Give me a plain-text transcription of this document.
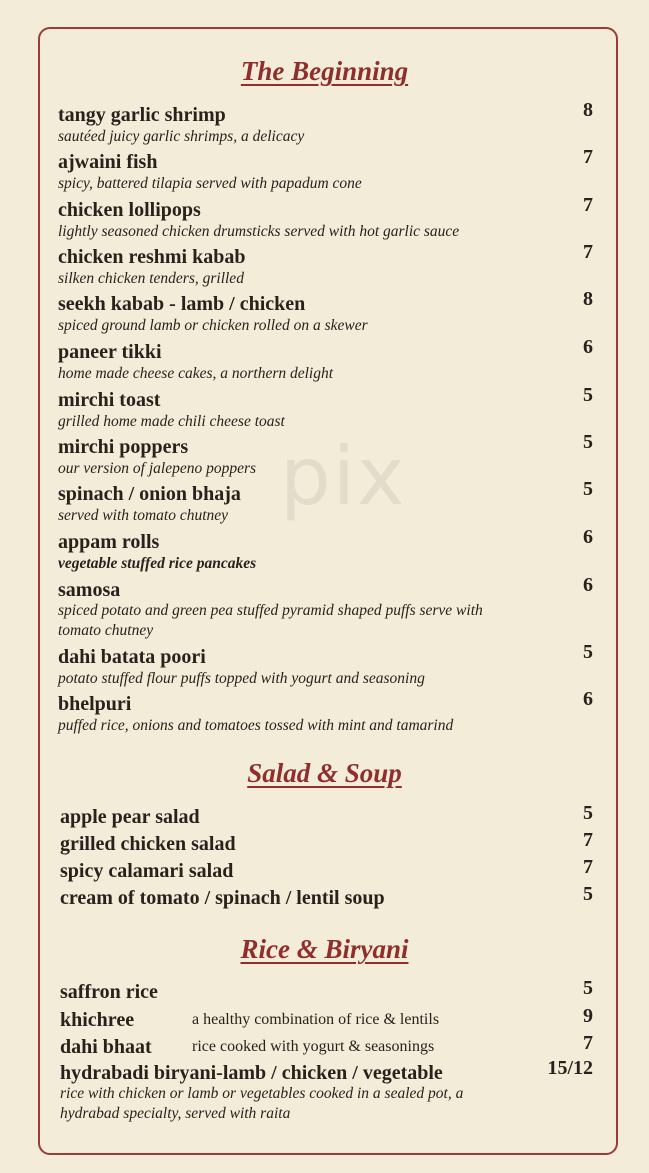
pix
The Beginning
tangy garlic shrimp	8
sautéed juicy garlic shrimps, a delicacy
ajwaini fish	7
spicy, battered tilapia served with papadum cone
chicken lollipops	7
lightly seasoned chicken drumsticks served with hot garlic sauce
chicken reshmi kabab	7
silken chicken tenders, grilled
seekh kabab - lamb / chicken	8
spiced ground lamb or chicken rolled on a skewer
paneer tikki	6
home made cheese cakes, a northern delight
mirchi toast	5
grilled home made chili cheese toast
mirchi poppers	5
our version of jalepeno poppers
spinach / onion bhaja	5
served with tomato chutney
appam rolls	6
vegetable stuffed rice pancakes
samosa	6
spiced potato and green pea stuffed pyramid shaped puffs serve with tomato chutney
dahi batata poori	5
potato stuffed flour puffs topped with yogurt and seasoning
bhelpuri	6
puffed rice, onions and tomatoes tossed with mint and tamarind
Salad & Soup
apple pear salad	5
grilled chicken salad	7
spicy calamari salad	7
cream of tomato / spinach / lentil soup	5
Rice & Biryani
saffron rice	5
khichree	a healthy combination of rice & lentils	9
dahi bhaat	rice cooked with yogurt & seasonings	7
hydrabadi biryani-lamb / chicken / vegetable	15/12
rice with chicken or lamb or vegetables cooked in a sealed pot, a hydrabad specialty, served with raita
